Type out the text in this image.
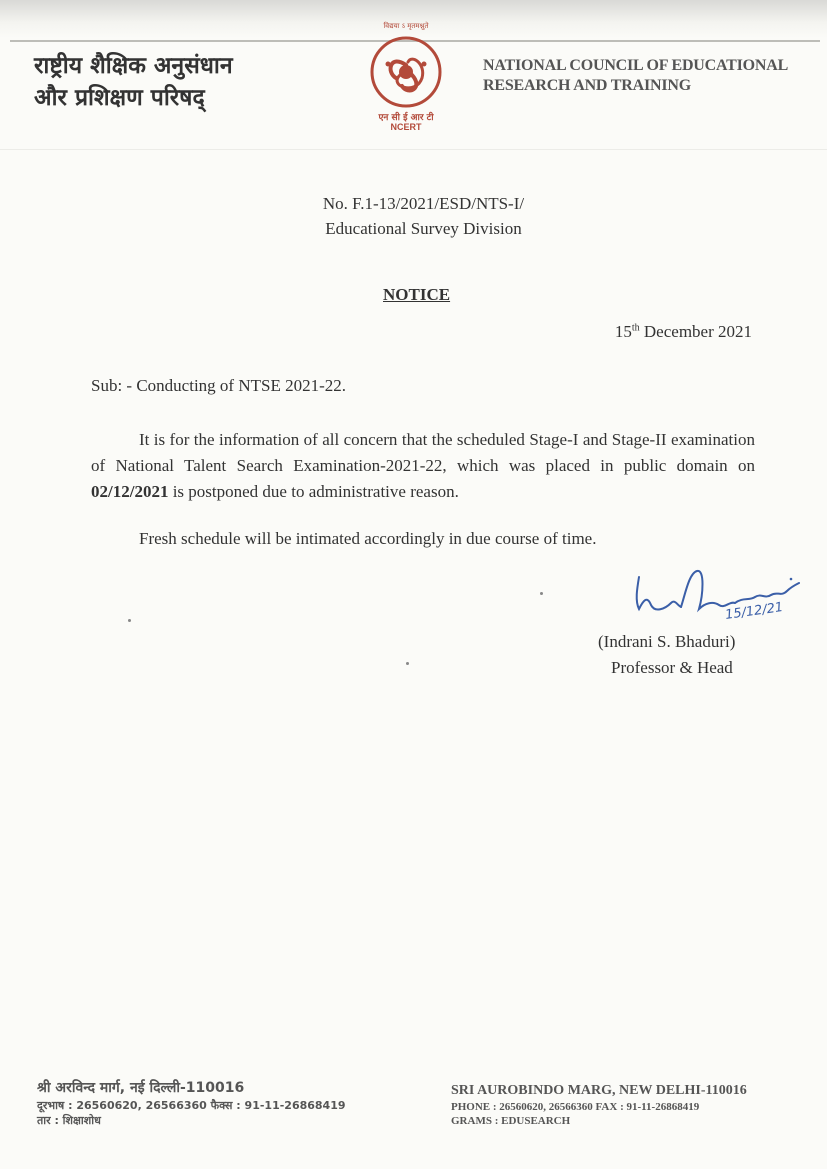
राष्ट्रीय शैक्षिक अनुसंधान
और प्रशिक्षण परिषद्
विद्यया ऽ मृतमश्नुते
एन सी ई आर टी
NCERT
NATIONAL COUNCIL OF EDUCATIONAL
RESEARCH AND TRAINING
No. F.1-13/2021/ESD/NTS-I/
Educational Survey Division
NOTICE
15th December 2021
Sub: - Conducting of NTSE 2021-22.
It is for the information of all concern that the scheduled Stage-I and Stage-II examination of National Talent Search Examination-2021-22, which was placed in public domain on 02/12/2021 is postponed due to administrative reason.
Fresh schedule will be intimated accordingly in due course of time.
15/12/21
(Indrani S. Bhaduri)
Professor & Head
श्री अरविन्द मार्ग, नई दिल्ली-110016
दूरभाष : 26560620, 26566360 फैक्स : 91-11-26868419
तार : शिक्षाशोध
SRI AUROBINDO MARG, NEW DELHI-110016
PHONE : 26560620, 26566360 FAX : 91-11-26868419
GRAMS : EDUSEARCH
